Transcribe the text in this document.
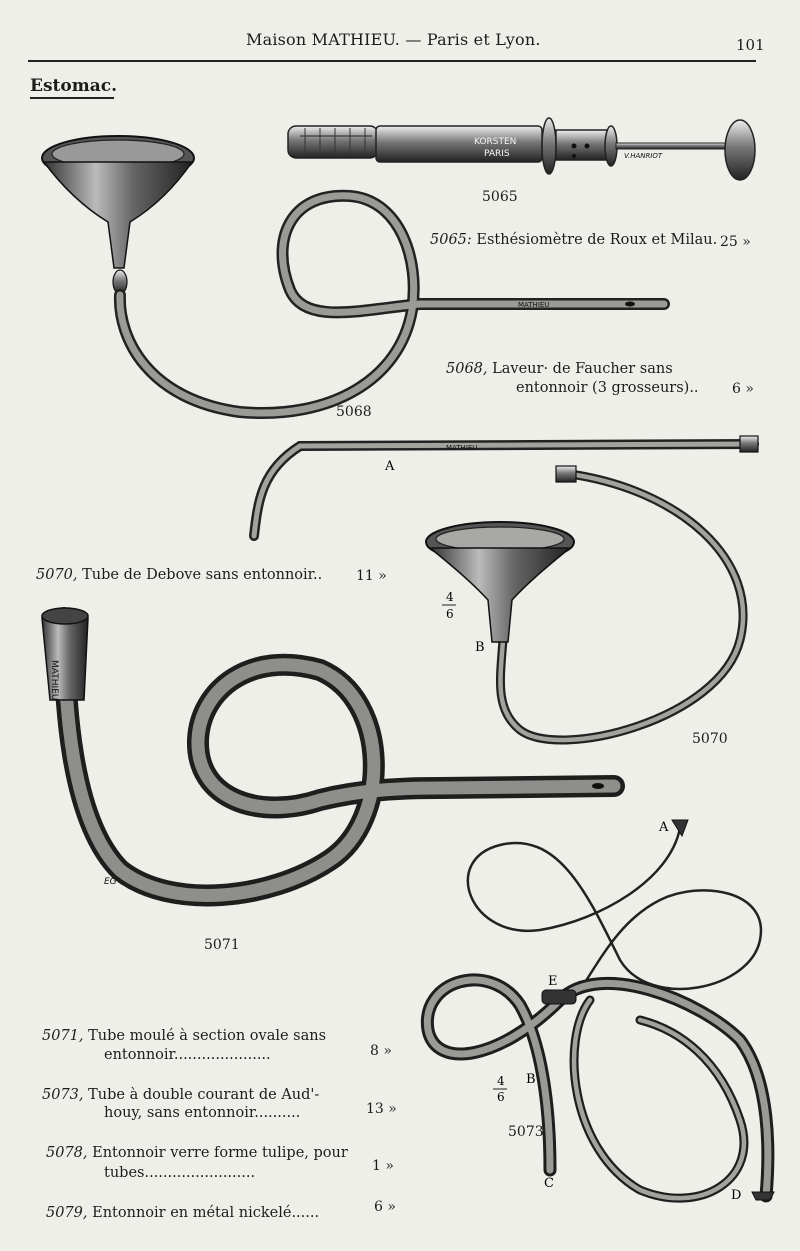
Maison MATHIEU. — Paris et Lyon.	101
Estomac.
KORSTEN
PARIS	V.HANRIOT
MATHIEU
MATHIEU
MATHIEU
EG
A
B
A
E
B
C
D
4
6
4
6
5065
5068
5070
5071
5073
5065: Esthésiomètre de Roux et Milau. 25 »
5068, Laveur· de Faucher sans
entonnoir (3 grosseurs).. 6 »
5070, Tube de Debove sans entonnoir.. 11 »
5071, Tube moulé à section ovale sans
entonnoir.....................	8 »
5073, Tube à double courant de Aud'-
houy, sans entonnoir..........	13 »
5078, Entonnoir verre forme tulipe, pour
tubes........................	1 »
5079, Entonnoir en métal nickelé......	6 »
